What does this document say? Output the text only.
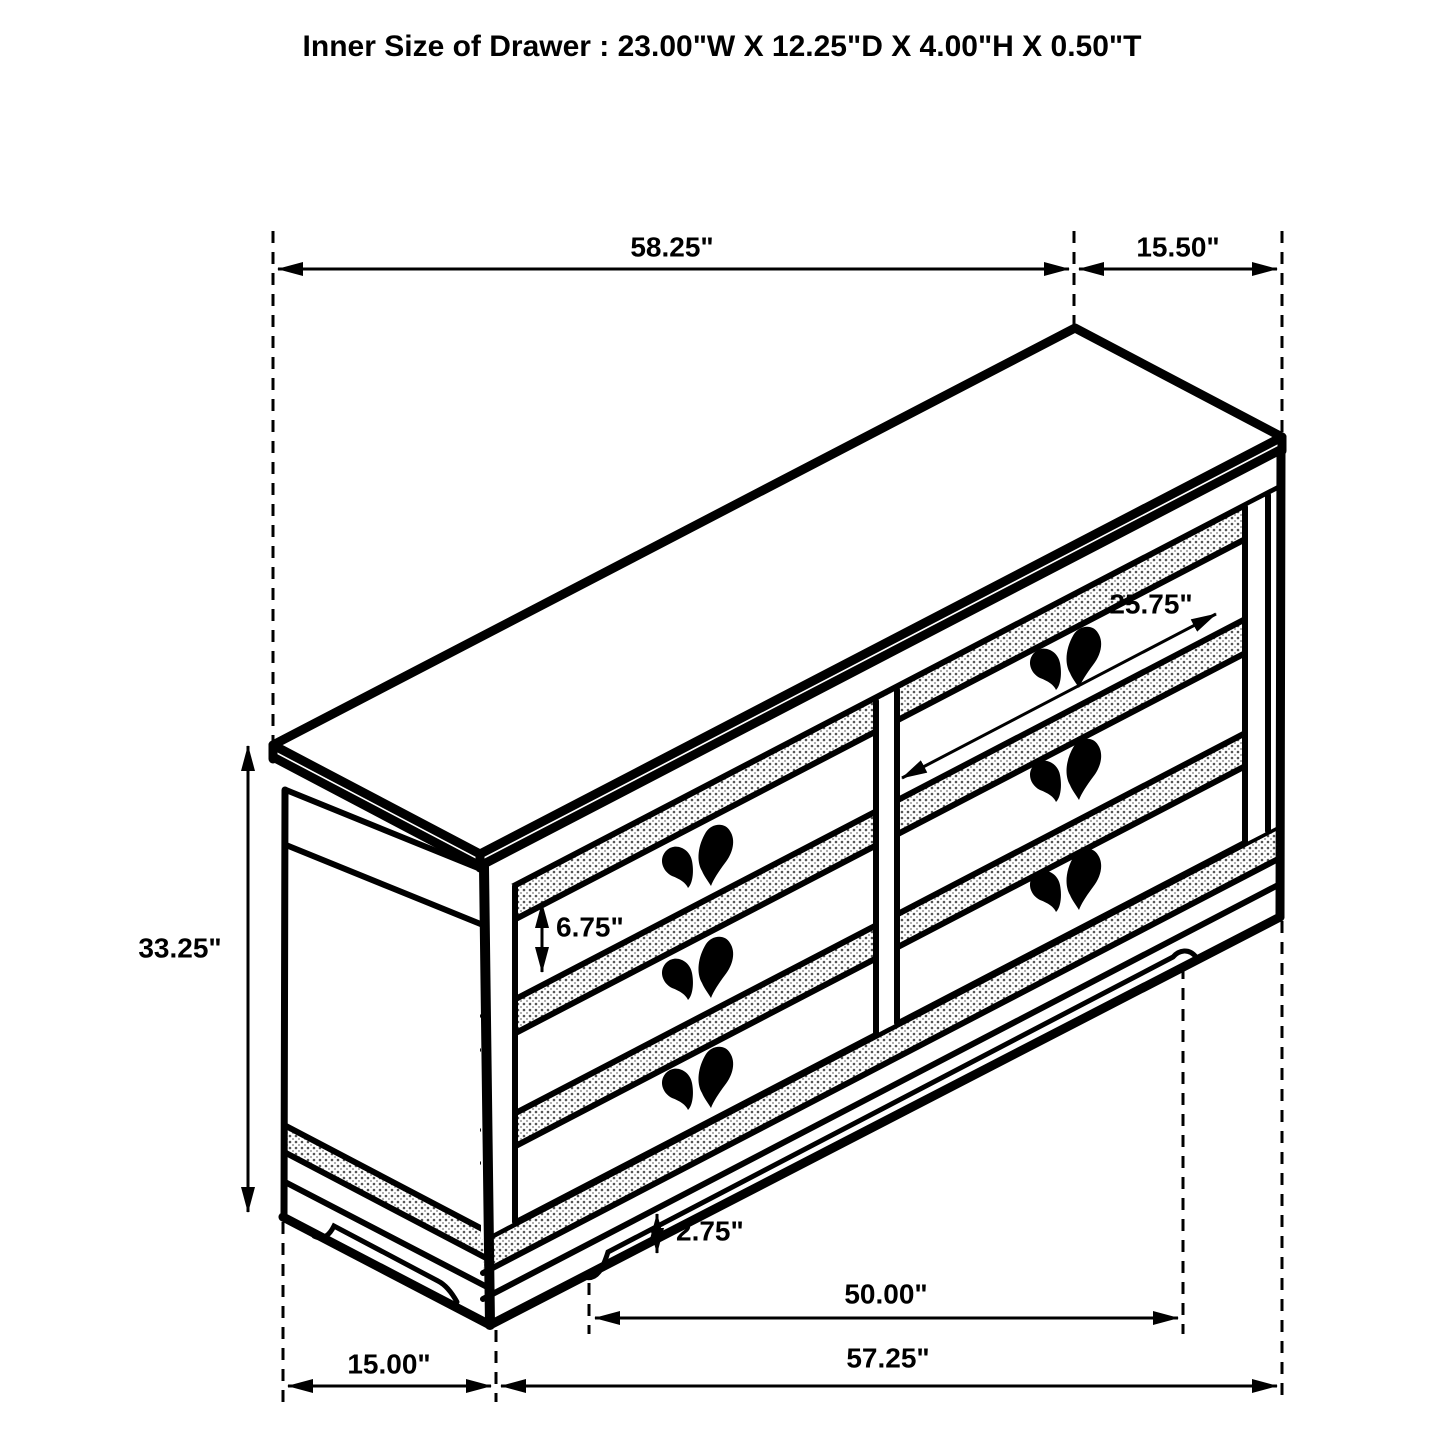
Inner Size of Drawer : 23.00"W X 12.25"D X 4.00"H X 0.50"T
58.25"	15.50"
33.25"
6.75"
25.75"
2.75"
50.00"
15.00"	57.25"
